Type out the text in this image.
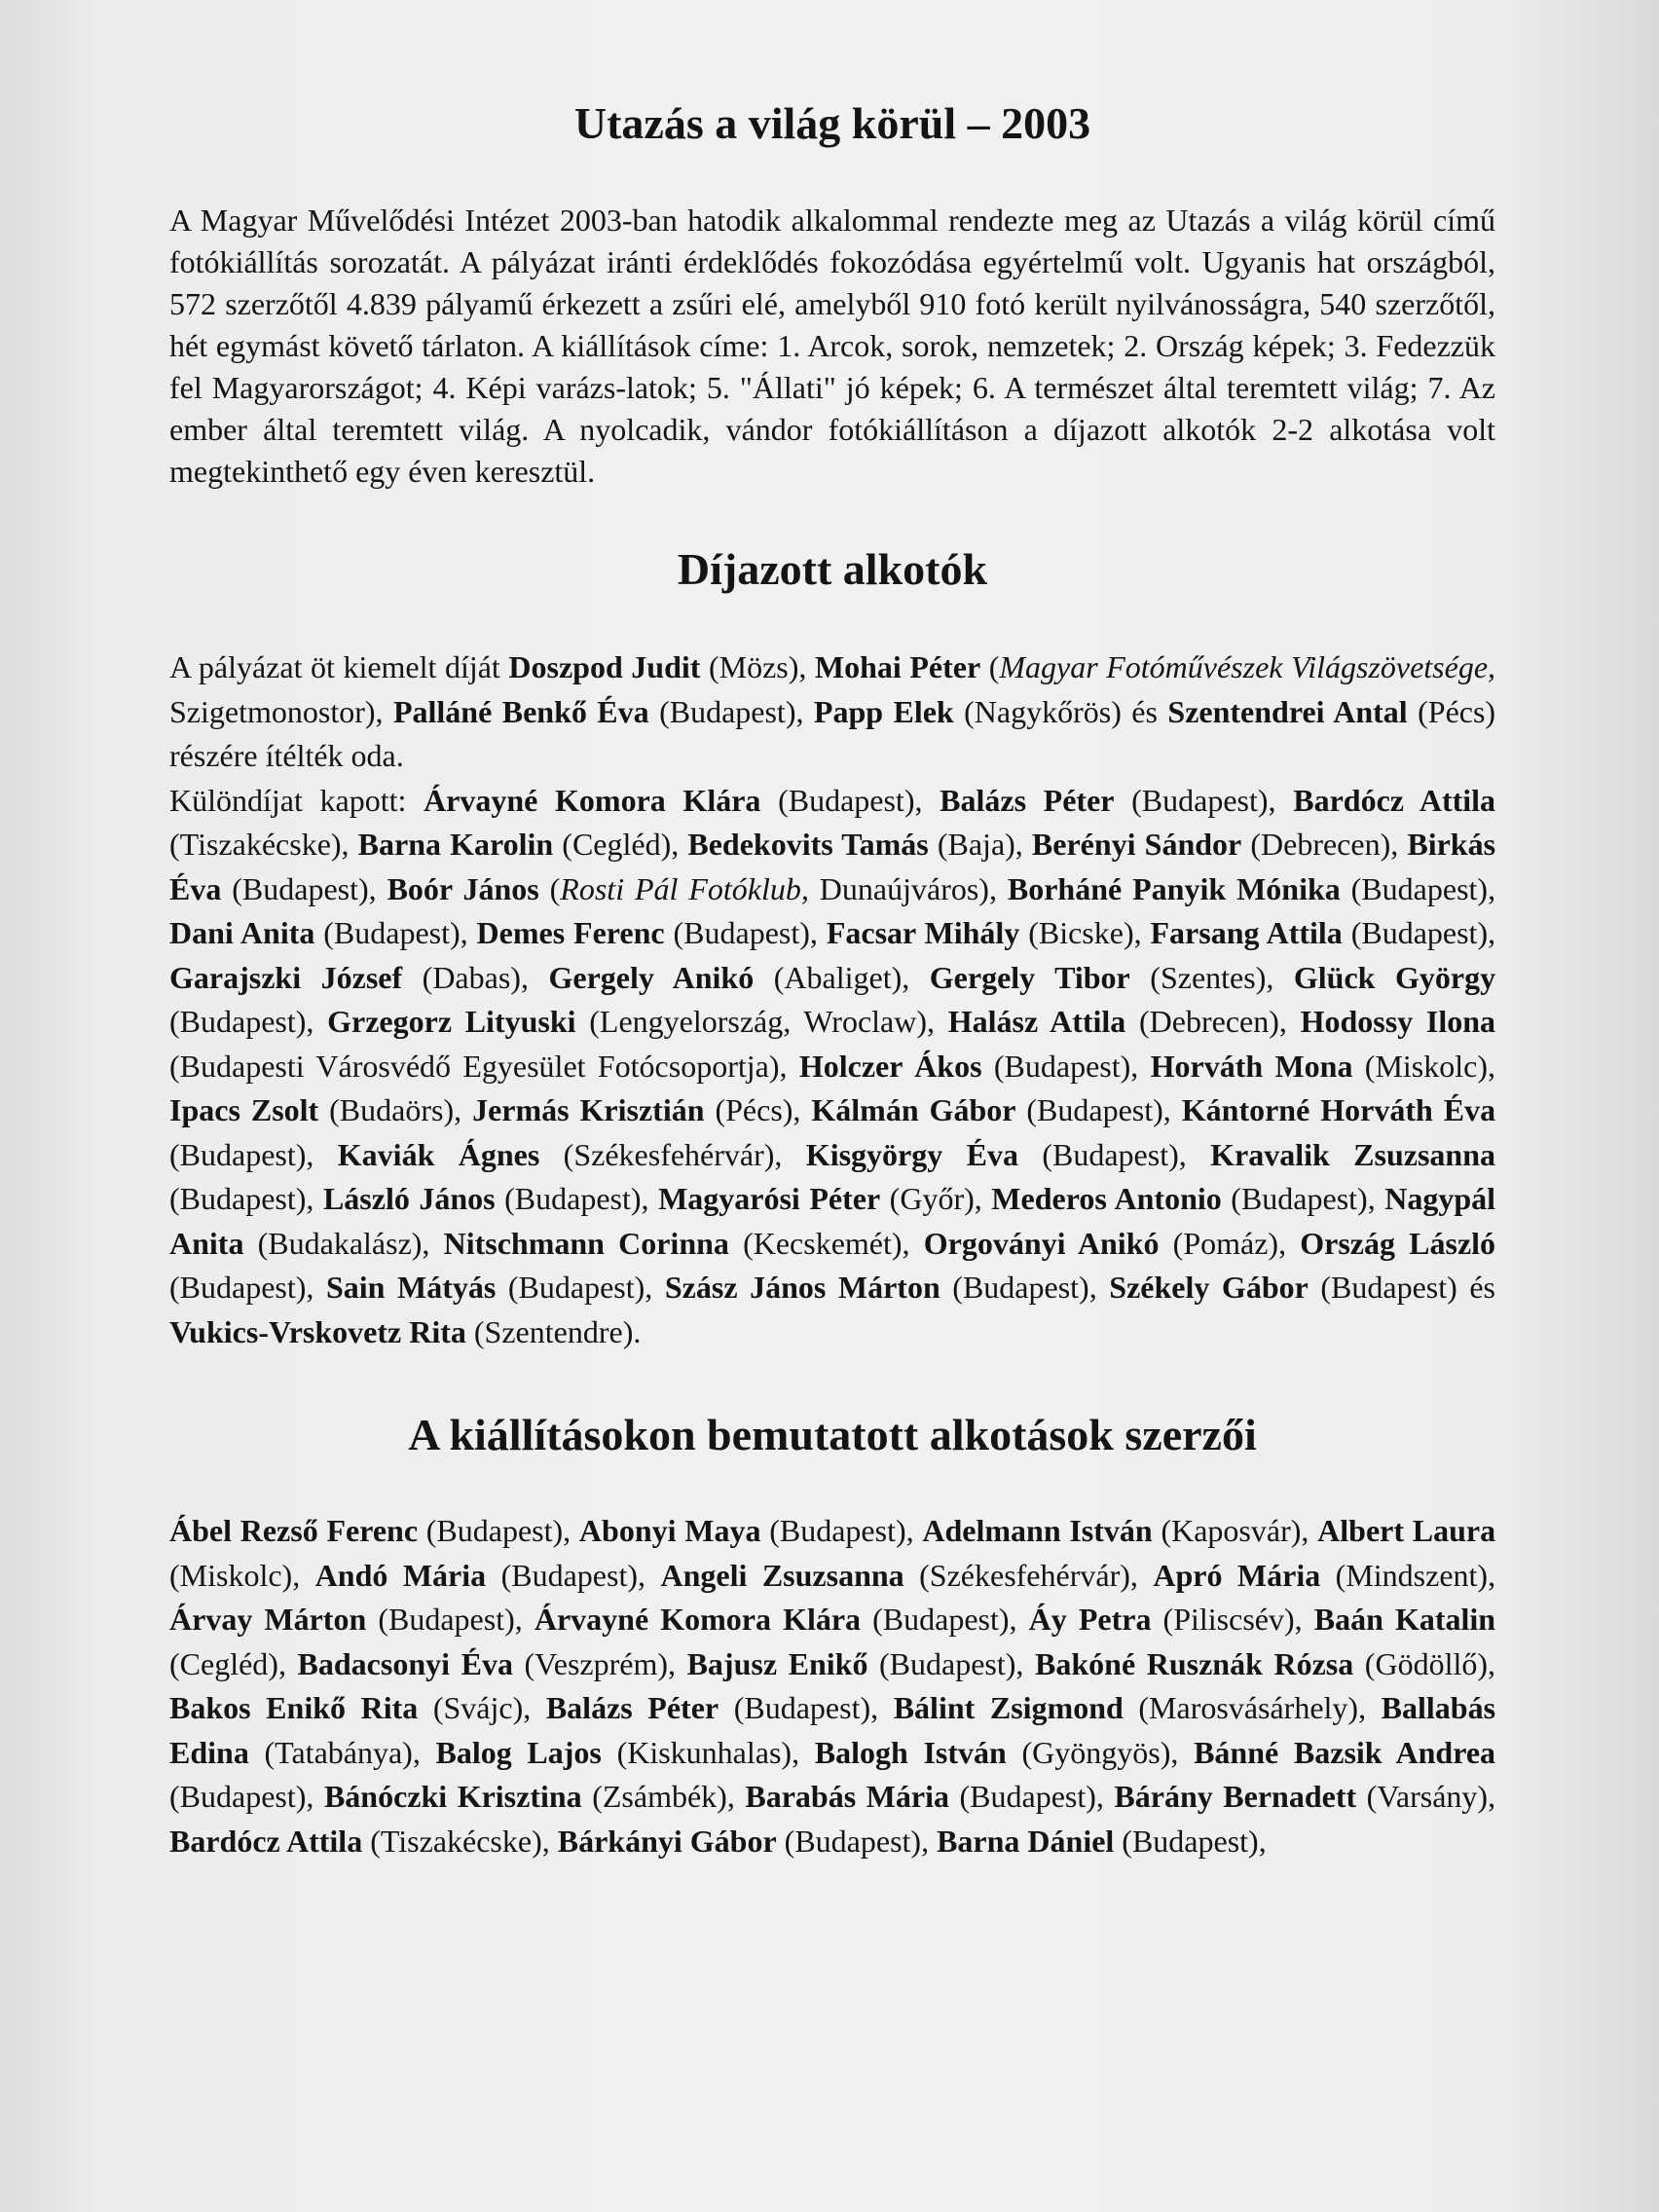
Utazás a világ körül – 2003

A Magyar Művelődési Intézet 2003-ban hatodik alkalommal rendezte meg az Utazás a világ körül című fotókiállítás sorozatát. A pályázat iránti érdeklődés fokozódása egyértelmű volt. Ugyanis hat országból, 572 szerzőtől 4.839 pályamű érkezett a zsűri elé, amelyből 910 fotó került nyilvánosságra, 540 szerzőtől, hét egymást követő tárlaton. A kiállítások címe: 1. Arcok, sorok, nemzetek; 2. Ország képek; 3. Fedezzük fel Magyarországot; 4. Képi varázs-latok; 5. "Állati" jó képek; 6. A természet által teremtett világ; 7. Az ember által teremtett világ. A nyolcadik, vándor fotókiállításon a díjazott alkotók 2-2 alkotása volt megtekinthető egy éven keresztül.

Díjazott alkotók

A pályázat öt kiemelt díját Doszpod Judit (Mözs), Mohai Péter (Magyar Fotóművészek Világszövetsége, Szigetmonostor), Palláné Benkő Éva (Budapest), Papp Elek (Nagykőrös) és Szentendrei Antal (Pécs) részére ítélték oda.

Különdíjat kapott: Árvayné Komora Klára (Budapest), Balázs Péter (Budapest), Bardócz Attila (Tiszakécske), Barna Karolin (Cegléd), Bedekovits Tamás (Baja), Berényi Sándor (Debrecen), Birkás Éva (Budapest), Boór János (Rosti Pál Fotóklub, Dunaújváros), Borháné Panyik Mónika (Budapest), Dani Anita (Budapest), Demes Ferenc (Budapest), Facsar Mihály (Bicske), Farsang Attila (Budapest), Garajszki József (Dabas), Gergely Anikó (Abaliget), Gergely Tibor (Szentes), Glück György (Budapest), Grzegorz Lityuski (Lengyelország, Wroclaw), Halász Attila (Debrecen), Hodossy Ilona (Budapesti Városvédő Egyesület Fotócsoportja), Holczer Ákos (Budapest), Horváth Mona (Miskolc), Ipacs Zsolt (Budaörs), Jermás Krisztián (Pécs), Kálmán Gábor (Budapest), Kántorné Horváth Éva (Budapest), Kaviák Ágnes (Székesfehérvár), Kisgyörgy Éva (Budapest), Kravalik Zsuzsanna (Budapest), László János (Budapest), Magyarósi Péter (Győr), Mederos Antonio (Budapest), Nagypál Anita (Budakalász), Nitschmann Corinna (Kecskemét), Orgoványi Anikó (Pomáz), Ország László (Budapest), Sain Mátyás (Budapest), Szász János Márton (Budapest), Székely Gábor (Budapest) és Vukics-Vrskovetz Rita (Szentendre).

A kiállításokon bemutatott alkotások szerzői

Ábel Rezső Ferenc (Budapest), Abonyi Maya (Budapest), Adelmann István (Kaposvár), Albert Laura (Miskolc), Andó Mária (Budapest), Angeli Zsuzsanna (Székesfehérvár), Apró Mária (Mindszent), Árvay Márton (Budapest), Árvayné Komora Klára (Budapest), Áy Petra (Piliscsév), Baán Katalin (Cegléd), Badacsonyi Éva (Veszprém), Bajusz Enikő (Budapest), Bakóné Rusznák Rózsa (Gödöllő), Bakos Enikő Rita (Svájc), Balázs Péter (Budapest), Bálint Zsigmond (Marosvásárhely), Ballabás Edina (Tatabánya), Balog Lajos (Kiskunhalas), Balogh István (Gyöngyös), Bánné Bazsik Andrea (Budapest), Bánóczki Krisztina (Zsámbék), Barabás Mária (Budapest), Bárány Bernadett (Varsány), Bardócz Attila (Tiszakécske), Bárkányi Gábor (Budapest), Barna Dániel (Budapest),
